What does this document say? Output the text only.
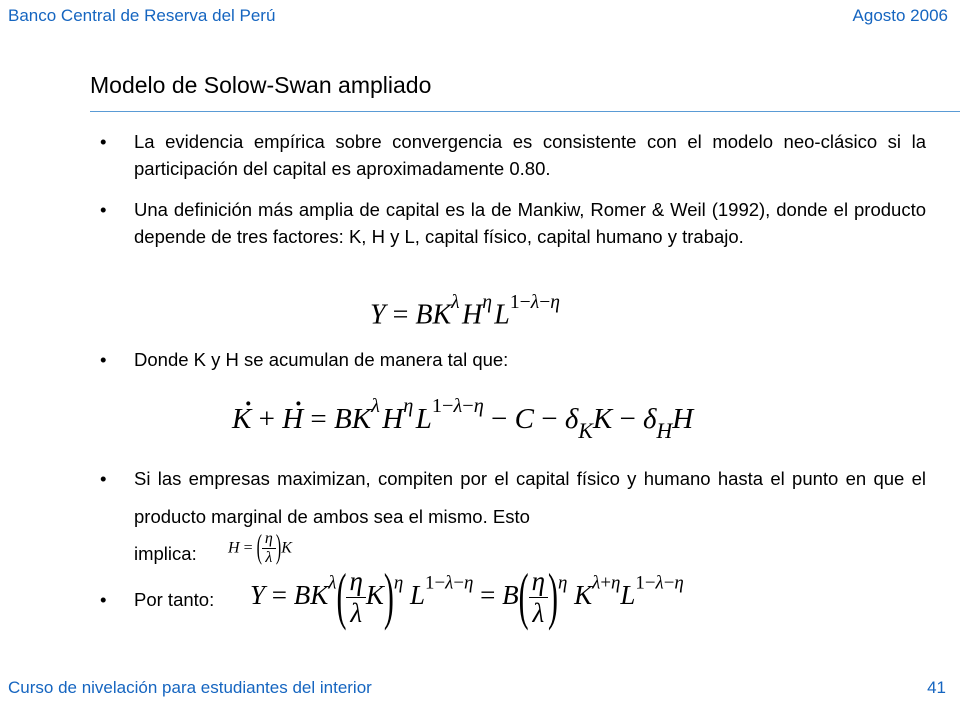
Banco Central de Reserva del Perú	Agosto 2006
Modelo de Solow-Swan ampliado
• La evidencia empírica sobre convergencia es consistente con el modelo neo-clásico si la participación del capital es aproximadamente 0.80.
• Una definición más amplia de capital es la de Mankiw, Romer & Weil (1992), donde el producto depende de tres factores: K, H y L, capital físico, capital humano y trabajo.
$Y = BK^\lambda$ $H^\eta$ $L^{1-\lambda-\eta}$
• Donde K y H se acumulan de manera tal que:
· K + · $H = BK^\lambda$ $H^\eta$ $L^{1-\lambda-\eta} - C - \delta_KK - \delta_HH$
• Si las empresas maximizan, compiten por el capital físico y humano hasta el punto en que el producto marginal de ambos sea el mismo. Esto
implica:	H = ( $\frac{\eta}{\lambda} )K$
• Por tanto:	$Y = BK^\lambda( \frac{\eta}{\lambda} K)^\eta$ $L^{1-\lambda-\eta} = B( \frac{\eta}{\lambda} )^\eta$ $K^{\lambda+\eta}L^{1-\lambda-\eta}$
Curso de nivelación para estudiantes del interior	41
